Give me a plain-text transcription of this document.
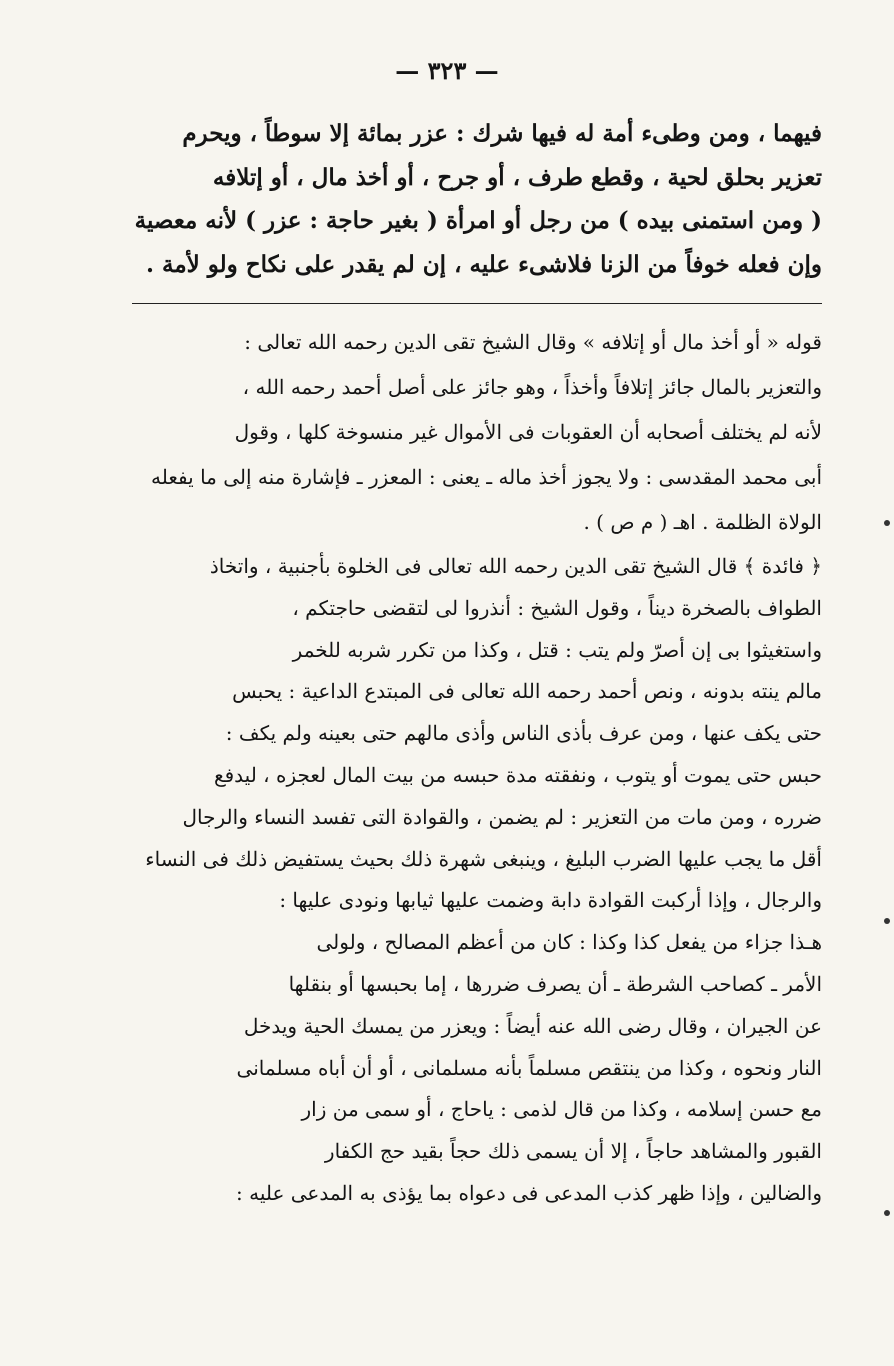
— ٣٢٣ —
فيهما ، ومن وطىء أمة له فيها شرك : عزر بمائة إلا سوطاً ، ويحرم
تعزير بحلق لحية ، وقطع طرف ، أو جرح ، أو أخذ مال ، أو إتلافه
( ومن استمنى بيده ) من رجل أو امرأة ( بغير حاجة : عزر ) لأنه معصية
وإن فعله خوفاً من الزنا فلاشىء عليه ، إن لم يقدر على نكاح ولو لأمة .
قوله « أو أخذ مال أو إتلافه » وقال الشيخ تقى الدين رحمه الله تعالى :
والتعزير بالمال جائز إتلافاً وأخذاً ، وهو جائز على أصل أحمد رحمه الله ،
لأنه لم يختلف أصحابه أن العقوبات فى الأموال غير منسوخة كلها ، وقول
أبى محمد المقدسى : ولا يجوز أخذ ماله ـ يعنى : المعزر ـ فإشارة منه إلى ما يفعله
الولاة الظلمة . اهـ ( م ص ) .
﴿ فائدة ﴾ قال الشيخ تقى الدين رحمه الله تعالى فى الخلوة بأجنبية ، واتخاذ
الطواف بالصخرة ديناً ، وقول الشيخ : أنذروا لى لتقضى حاجتكم ،
واستغيثوا بى إن أصرّ ولم يتب : قتل ، وكذا من تكرر شربه للخمر
مالم ينته بدونه ، ونص أحمد رحمه الله تعالى فى المبتدع الداعية : يحبس
حتى يكف عنها ، ومن عرف بأذى الناس وأذى مالهم حتى بعينه ولم يكف :
حبس حتى يموت أو يتوب ، ونفقته مدة حبسه من بيت المال لعجزه ، ليدفع
ضرره ، ومن مات من التعزير : لم يضمن ، والقوادة التى تفسد النساء والرجال
أقل ما يجب عليها الضرب البليغ ، وينبغى شهرة ذلك بحيث يستفيض ذلك فى النساء
والرجال ، وإذا أركبت القوادة دابة وضمت عليها ثيابها ونودى عليها :
هـذا جزاء من يفعل كذا وكذا : كان من أعظم المصالح ، ولولى
الأمر ـ كصاحب الشرطة ـ أن يصرف ضررها ، إما بحبسها أو بنقلها
عن الجيران ، وقال رضى الله عنه أيضاً : ويعزر من يمسك الحية ويدخل
النار ونحوه ، وكذا من ينتقص مسلماً بأنه مسلمانى ، أو أن أباه مسلمانى
مع حسن إسلامه ، وكذا من قال لذمى : ياحاج ، أو سمى من زار
القبور والمشاهد حاجاً ، إلا أن يسمى ذلك حجاً بقيد حج الكفار
والضالين ، وإذا ظهر كذب المدعى فى دعواه بما يؤذى به المدعى عليه :
